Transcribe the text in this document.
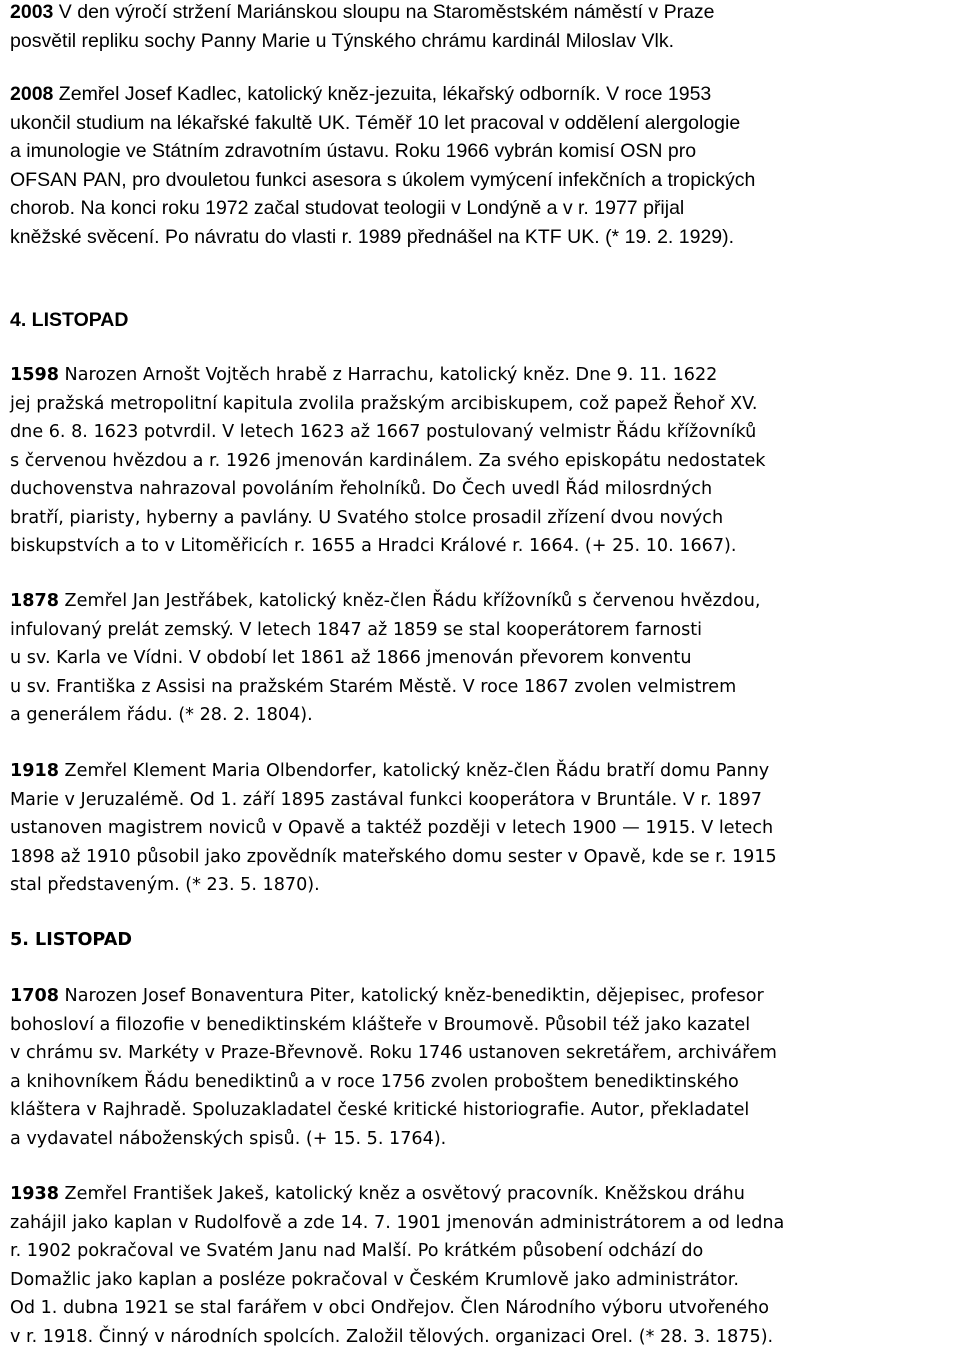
2003 V den výročí stržení Mariánskou sloupu na Staroměstském náměstí v Praze

posvětil repliku sochy Panny Marie u Týnského chrámu kardinál Miloslav Vlk.

2008 Zemřel Josef Kadlec, katolický kněz-jezuita, lékařský odborník. V roce 1953

ukončil studium na lékařské fakultě UK. Téměř 10 let pracoval v oddělení alergologie

a imunologie ve Státním zdravotním ústavu. Roku 1966 vybrán komisí OSN pro

OFSAN PAN, pro dvouletou funkci asesora s úkolem vymýcení infekčních a tropických

chorob. Na konci roku 1972 začal studovat teologii v Londýně a v r. 1977 přijal

kněžské svěcení. Po návratu do vlasti r. 1989 přednášel na KTF UK. (* 19. 2. 1929).

4. LISTOPAD

1598 Narozen Arnošt Vojtěch hrabě z Harrachu, katolický kněz. Dne 9. 11. 1622

jej pražská metropolitní kapitula zvolila pražským arcibiskupem, což papež Řehoř XV.

dne 6. 8. 1623 potvrdil. V letech 1623 až 1667 postulovaný velmistr Řádu křížovníků

s červenou hvězdou a r. 1926 jmenován kardinálem. Za svého episkopátu nedostatek

duchovenstva nahrazoval povoláním řeholníků. Do Čech uvedl Řád milosrdných

bratří, piaristy, hyberny a pavlány. U Svatého stolce prosadil zřízení dvou nových

biskupstvích a to v Litoměřicích r. 1655 a Hradci Králové r. 1664. (+ 25. 10. 1667).

1878 Zemřel Jan Jestřábek, katolický kněz-člen Řádu křížovníků s červenou hvězdou,

infulovaný prelát zemský. V letech 1847 až 1859 se stal kooperátorem farnosti

u sv. Karla ve Vídni. V období let 1861 až 1866 jmenován převorem konventu

u sv. Františka z Assisi na pražském Starém Městě. V roce 1867 zvolen velmistrem

a generálem řádu. (* 28. 2. 1804).

1918 Zemřel Klement Maria Olbendorfer, katolický kněz-člen Řádu bratří domu Panny

Marie v Jeruzalémě. Od 1. září 1895 zastával funkci kooperátora v Bruntále. V r. 1897

ustanoven magistrem noviců v Opavě a taktéž později v letech 1900 — 1915. V letech

1898 až 1910 působil jako zpovědník mateřského domu sester v Opavě, kde se r. 1915

stal představeným. (* 23. 5. 1870).

5. LISTOPAD

1708 Narozen Josef Bonaventura Piter, katolický kněz-benediktin, dějepisec, profesor

bohosloví a filozofie v benediktinském klášteře v Broumově. Působil též jako kazatel

v chrámu sv. Markéty v Praze-Břevnově. Roku 1746 ustanoven sekretářem, archivářem

a knihovníkem Řádu benediktinů a v roce 1756 zvolen proboštem benediktinského

kláštera v Rajhradě. Spoluzakladatel české kritické historiografie. Autor, překladatel

a vydavatel náboženských spisů. (+ 15. 5. 1764).

1938 Zemřel František Jakeš, katolický kněz a osvětový pracovník. Kněžskou dráhu

zahájil jako kaplan v Rudolfově a zde 14. 7. 1901 jmenován administrátorem a od ledna

r. 1902 pokračoval ve Svatém Janu nad Malší. Po krátkém působení odchází do

Domažlic jako kaplan a posléze pokračoval v Českém Krumlově jako administrátor.

Od 1. dubna 1921 se stal farářem v obci Ondřejov. Člen Národního výboru utvořeného

v r. 1918. Činný v národních spolcích. Založil tělových. organizaci Orel. (* 28. 3. 1875).
